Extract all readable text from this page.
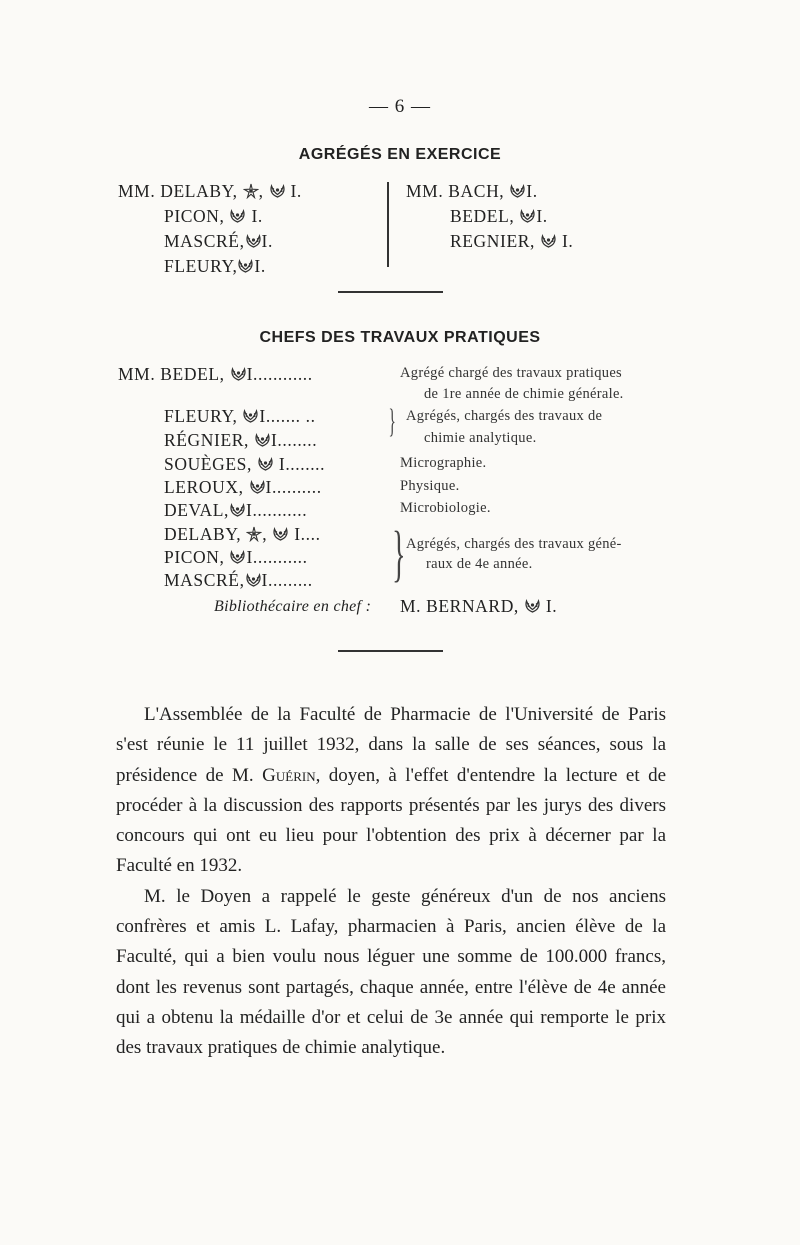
— 6 —
AGRÉGÉS EN EXERCICE
MM. DELABY, ,  I.
PICON, I.
MASCRÉ, I.
FLEURY, I.
MM. BACH, I.
BEDEL, I.
REGNIER, I.
CHEFS DES TRAVAUX PRATIQUES
MM. BEDEL, I............
FLEURY, I....... ..
RÉGNIER, I........
SOUÈGES, I........
LEROUX, I..........
DEVAL, I...........
DELABY, ,  I....
PICON, I...........
MASCRÉ, I.........
}
}
Agrégé chargé des travaux pratiques
de 1re année de chimie générale.
Agrégés, chargés des travaux de
chimie analytique.
Micrographie.
Physique.
Microbiologie.
Agrégés, chargés des travaux géné-
raux de 4e année.
Bibliothécaire en chef : M. BERNARD, I.

L'Assemblée de la Faculté de Pharmacie de l'Université de Paris s'est réunie le 11 juillet 1932, dans la salle de ses séances, sous la présidence de M. Guérin, doyen, à l'effet d'entendre la lecture et de procéder à la discussion des rapports présentés par les jurys des divers concours qui ont eu lieu pour l'obtention des prix à décerner par la Faculté en 1932.

M. le Doyen a rappelé le geste généreux d'un de nos anciens confrères et amis L. Lafay, pharmacien à Paris, ancien élève de la Faculté, qui a bien voulu nous léguer une somme de 100.000 francs, dont les revenus sont partagés, chaque année, entre l'élève de 4e année qui a obtenu la médaille d'or et celui de 3e année qui remporte le prix des travaux pratiques de chimie analytique.
